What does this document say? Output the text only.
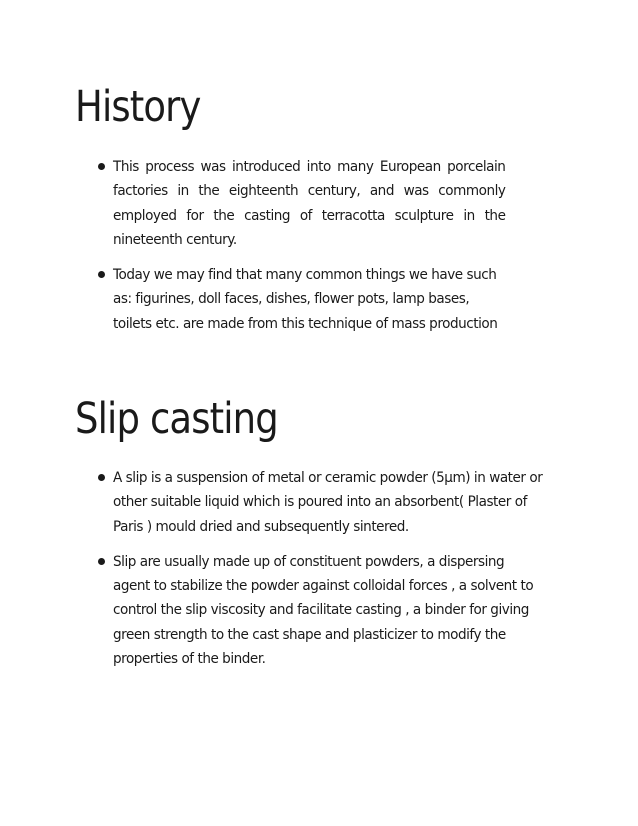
History
This process was introduced into many European porcelain factories in the eighteenth century, and was commonly employed for the casting of terracotta sculpture in the nineteenth century.
Today we may find that many common things we have such as: figurines, doll faces, dishes, flower pots, lamp bases, toilets etc. are made from this technique of mass production
Slip casting
A slip is a suspension of metal or ceramic powder (5µm) in water or other suitable liquid which is poured into an absorbent( Plaster of Paris ) mould dried and subsequently sintered.
Slip are usually made up of constituent powders, a dispersing agent to stabilize the powder against colloidal forces , a solvent to control the slip viscosity and facilitate casting , a binder for giving green strength to the cast shape and plasticizer to modify the properties of the binder.
